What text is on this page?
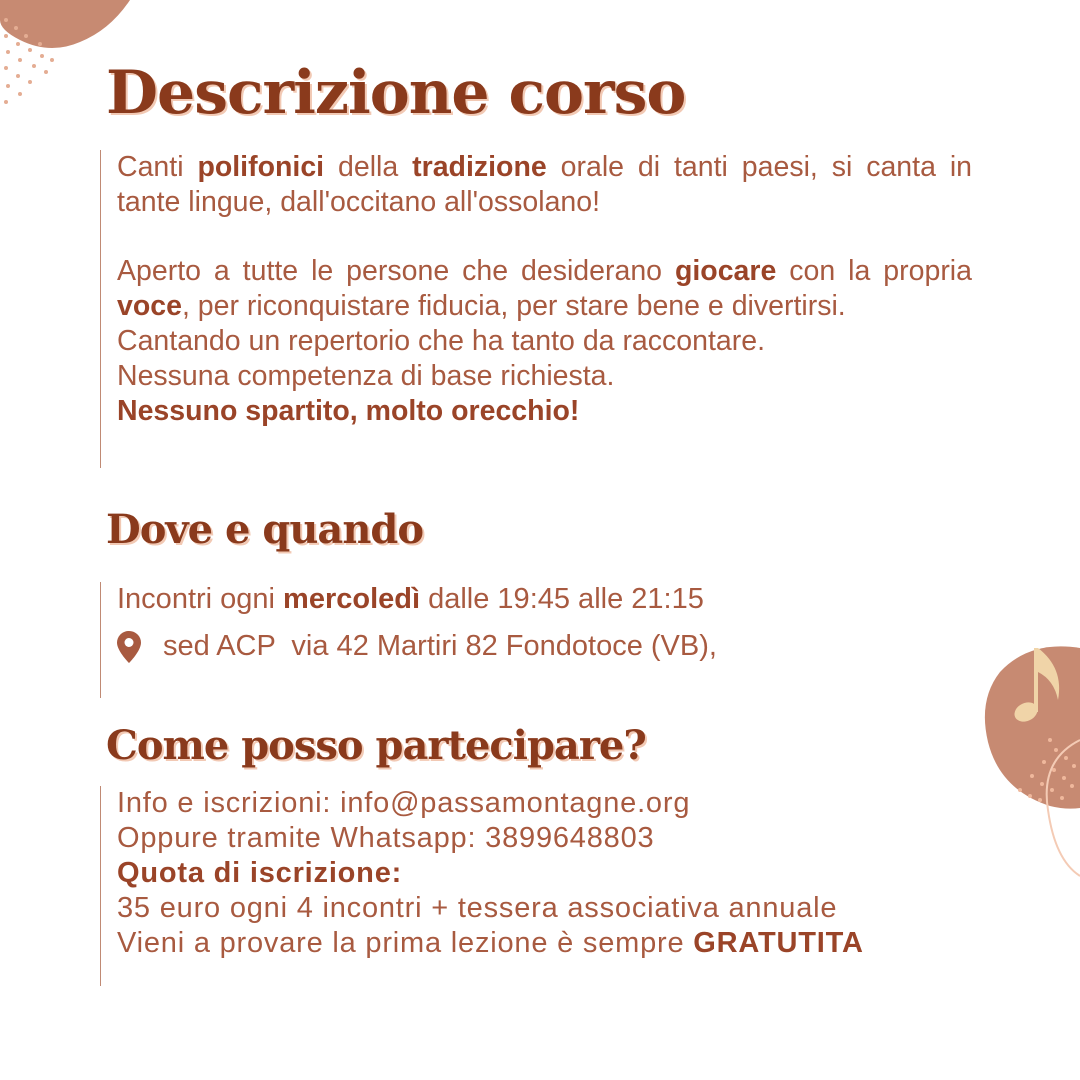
Descrizione corso

Canti polifonici della tradizione orale di tanti paesi, si canta in tante lingue, dall'occitano all'ossolano!

Aperto a tutte le persone che desiderano giocare con la propria voce, per riconquistare fiducia, per stare bene e divertirsi.

Cantando un repertorio che ha tanto da raccontare.

Nessuna competenza di base richiesta.

Nessuno spartito, molto orecchio!

Dove e quando

Incontri ogni mercoledì dalle 19:45 alle 21:15

sed ACP  via 42 Martiri 82 Fondotoce (VB),
Come posso partecipare?

Info e iscrizioni: info@passamontagne.org

Oppure tramite Whatsapp: 3899648803

Quota di iscrizione:

35 euro ogni 4 incontri + tessera associativa annuale

Vieni a provare la prima lezione è sempre GRATUTITA
